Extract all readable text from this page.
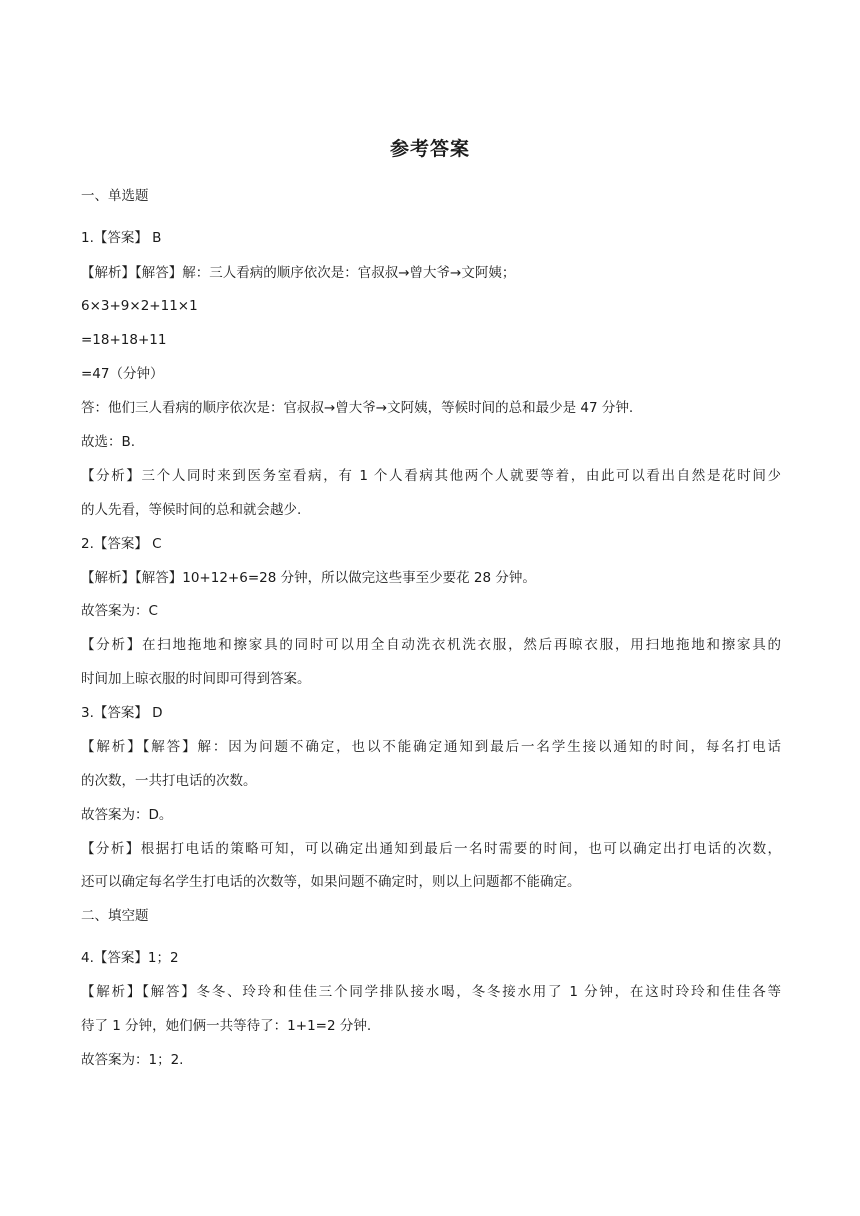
参考答案
一、单选题
1.【答案】 B
【解析】【解答】解：三人看病的顺序依次是：官叔叔→曾大爷→文阿姨；
6×3+9×2+11×1
=18+18+11
=47（分钟）
答：他们三人看病的顺序依次是：官叔叔→曾大爷→文阿姨，等候时间的总和最少是 47 分钟.
故选：B.
【分析】三个人同时来到医务室看病，有 1 个人看病其他两个人就要等着，由此可以看出自然是花时间少
的人先看，等候时间的总和就会越少.
2.【答案】 C
【解析】【解答】10+12+6=28 分钟，所以做完这些事至少要花 28 分钟。
故答案为：C
【分析】在扫地拖地和擦家具的同时可以用全自动洗衣机洗衣服，然后再晾衣服，用扫地拖地和擦家具的
时间加上晾衣服的时间即可得到答案。
3.【答案】 D
【解析】【解答】解：因为问题不确定，也以不能确定通知到最后一名学生接以通知的时间，每名打电话
的次数，一共打电话的次数。
故答案为：D。
【分析】根据打电话的策略可知，可以确定出通知到最后一名时需要的时间，也可以确定出打电话的次数，
还可以确定每名学生打电话的次数等，如果问题不确定时，则以上问题都不能确定。
二、填空题
4.【答案】1；2
【解析】【解答】冬冬、玲玲和佳佳三个同学排队接水喝，冬冬接水用了 1 分钟，在这时玲玲和佳佳各等
待了 1 分钟，她们俩一共等待了：1+1=2 分钟.
故答案为：1；2.
